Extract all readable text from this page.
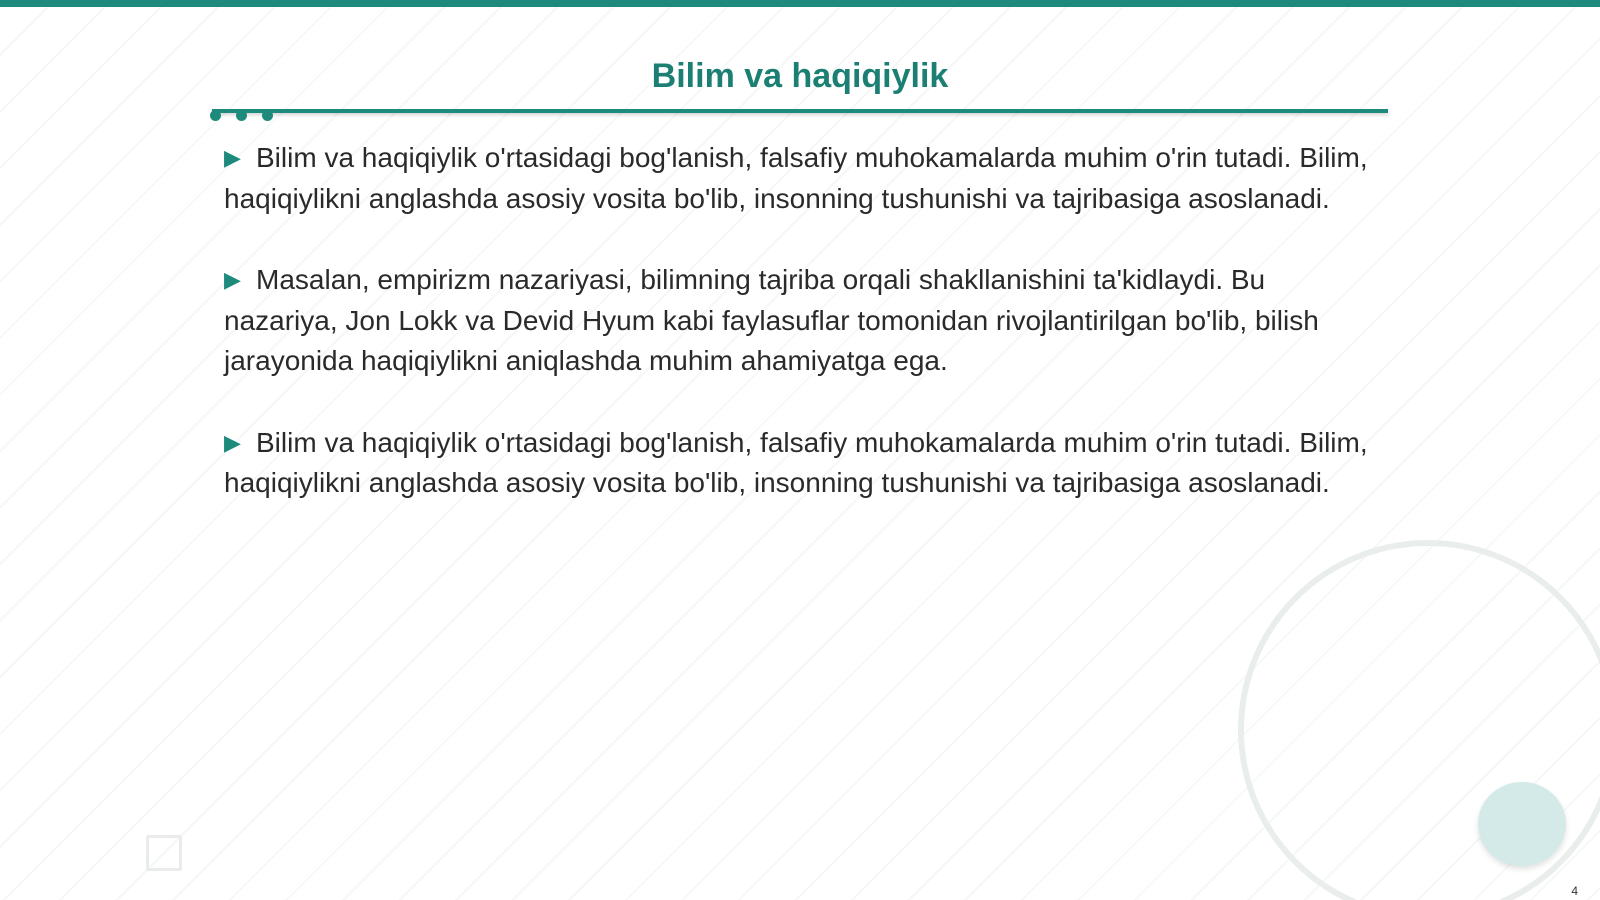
Bilim va haqiqiylik
▶ Bilim va haqiqiylik o'rtasidagi bog'lanish, falsafiy muhokamalarda muhim o'rin tutadi. Bilim, haqiqiylikni anglashda asosiy vosita bo'lib, insonning tushunishi va tajribasiga asoslanadi.
▶ Masalan, empirizm nazariyasi, bilimning tajriba orqali shakllanishini ta'kidlaydi. Bu nazariya, Jon Lokk va Devid Hyum kabi faylasuflar tomonidan rivojlantirilgan bo'lib, bilish jarayonida haqiqiylikni aniqlashda muhim ahamiyatga ega.
▶ Bilim va haqiqiylik o'rtasidagi bog'lanish, falsafiy muhokamalarda muhim o'rin tutadi. Bilim, haqiqiylikni anglashda asosiy vosita bo'lib, insonning tushunishi va tajribasiga asoslanadi.
4
